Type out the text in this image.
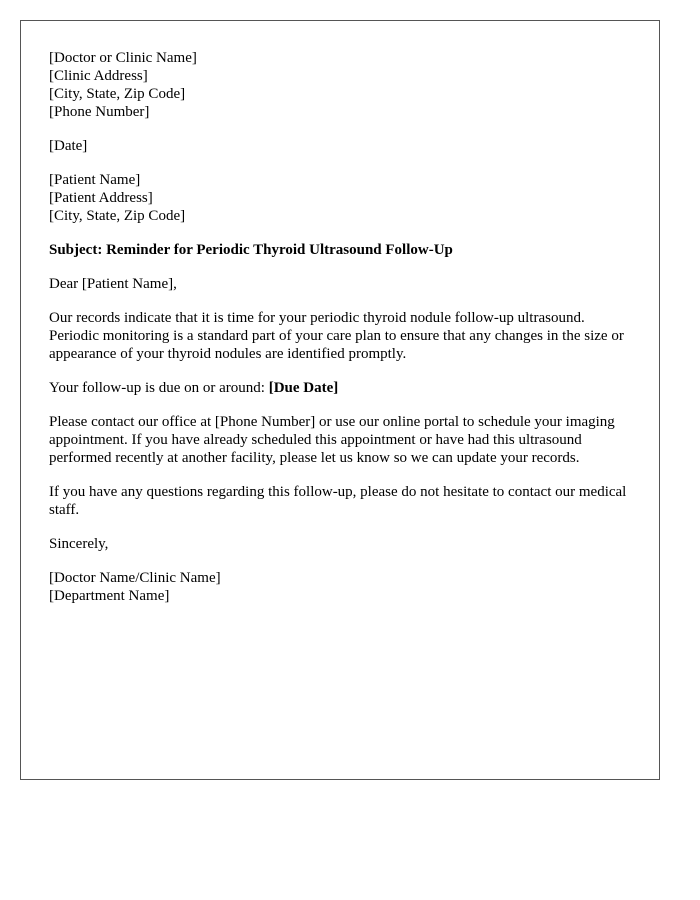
[Doctor or Clinic Name]
[Clinic Address]
[City, State, Zip Code]
[Phone Number]
[Date]
[Patient Name]
[Patient Address]
[City, State, Zip Code]
Subject: Reminder for Periodic Thyroid Ultrasound Follow-Up

Dear [Patient Name],

Our records indicate that it is time for your periodic thyroid nodule follow-up ultrasound. Periodic monitoring is a standard part of your care plan to ensure that any changes in the size or appearance of your thyroid nodules are identified promptly.

Your follow-up is due on or around: [Due Date]

Please contact our office at [Phone Number] or use our online portal to schedule your imaging appointment. If you have already scheduled this appointment or have had this ultrasound performed recently at another facility, please let us know so we can update your records.

If you have any questions regarding this follow-up, please do not hesitate to contact our medical staff.

Sincerely,

[Doctor Name/Clinic Name]
[Department Name]
